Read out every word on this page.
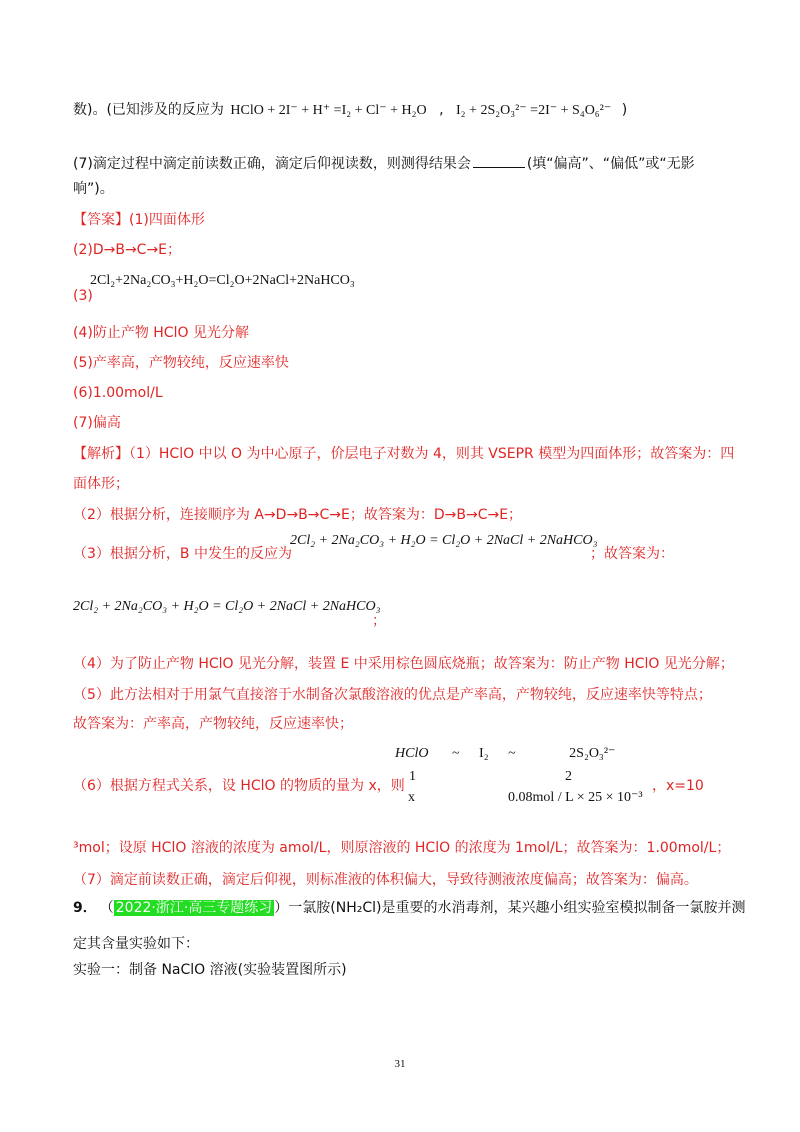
数)。(已知涉及的反应为 HClO + 2I⁻ + H⁺ =I₂ + Cl⁻ + H₂O , I₂ + 2S₂O₃²⁻ =2I⁻ + S₄O₆²⁻ )
(7)滴定过程中滴定前读数正确，滴定后仰视读数，则测得结果会	(填“偏高”、“偏低”或“无影
响”)。
【答案】(1)四面体形
(2)D→B→C→E；
2Cl₂+2Na₂CO₃+H₂O=Cl₂O+2NaCl+2NaHCO₃
(3)
(4)防止产物 HClO 见光分解
(5)产率高，产物较纯，反应速率快
(6)1.00mol/L
(7)偏高
【解析】（1）HClO 中以 O 为中心原子，价层电子对数为 4，则其 VSEPR 模型为四面体形；故答案为：四
面体形；
（2）根据分析，连接顺序为 A→D→B→C→E；故答案为：D→B→C→E；
（3）根据分析，B 中发生的反应为
2Cl₂ + 2Na₂CO₃ + H₂O = Cl₂O + 2NaCl + 2NaHCO₃
；故答案为：
2Cl₂ + 2Na₂CO₃ + H₂O = Cl₂O + 2NaCl + 2NaHCO₃
；
（4）为了防止产物 HClO 见光分解，装置 E 中采用棕色圆底烧瓶；故答案为：防止产物 HClO 见光分解；
（5）此方法相对于用氯气直接溶于水制备次氯酸溶液的优点是产率高，产物较纯，反应速率快等特点；
故答案为：产率高，产物较纯，反应速率快；
HClO ~ I₂ ~	2S₂O₃²⁻
1	2
（6）根据方程式关系，设 HClO 的物质的量为 x，则	，x=10
x	0.08mol / L × 25 × 10⁻³
³mol；设原 HClO 溶液的浓度为 amol/L，则原溶液的 HClO 的浓度为 1mol/L；故答案为：1.00mol/L；
（7）滴定前读数正确，滴定后仰视，则标准液的体积偏大，导致待测液浓度偏高；故答案为：偏高。
9． （ 2022·浙江·高三专题练习 ）一氯胺(NH₂Cl)是重要的水消毒剂，某兴趣小组实验室模拟制备一氯胺并测
定其含量实验如下：
实验一：制备 NaClO 溶液(实验装置图所示)
31
